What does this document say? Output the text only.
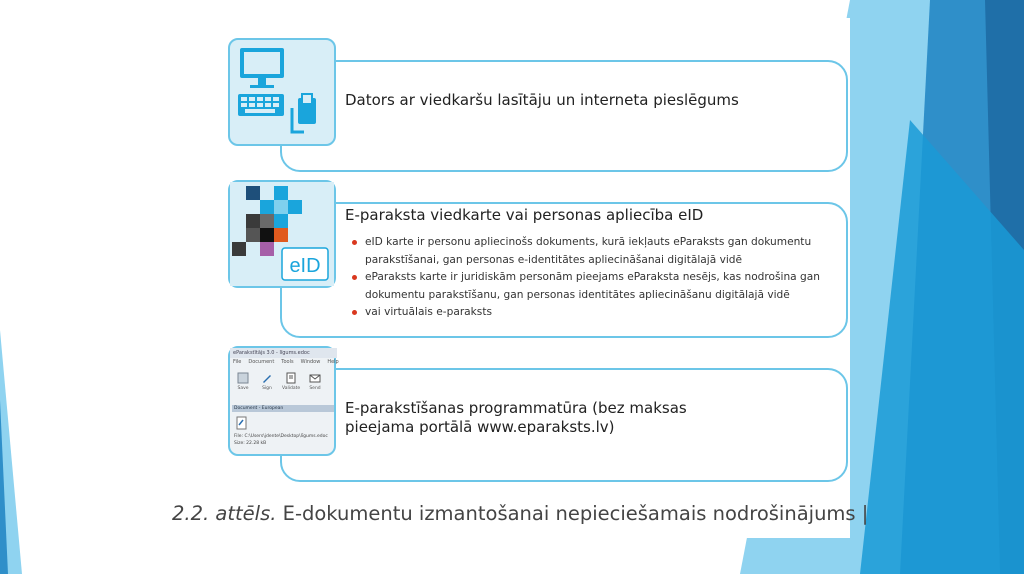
Dators ar viedkaršu lasītāju un interneta pieslēgums
eID
E-paraksta viedkarte vai personas apliecība eID
eID karte ir personu apliecinošs dokuments, kurā iekļauts eParaksts gan dokumentu
parakstīšanai, gan personas e-identitātes apliecināšanai digitālajā vidē
eParaksts karte ir juridiskām personām pieejams eParaksta nesējs, kas nodrošina gan
dokumentu parakstīšanu, gan personas identitātes apliecināšanu digitālajā vidē
vai virtuālais e-paraksts
eParakstītājs 3.0 - līgums.edoc
File Document Tools Window Help
Save	Sign	Validate	Send
Document - European
File: C:\Users\jdente\Desktop\līgums.edoc
Size: 22.28 kB
E-parakstīšanas programmatūra (bez maksas
pieejama portālā www.eparaksts.lv)
2.2. attēls. E-dokumentu izmantošanai nepieciešamais nodrošinājums |
